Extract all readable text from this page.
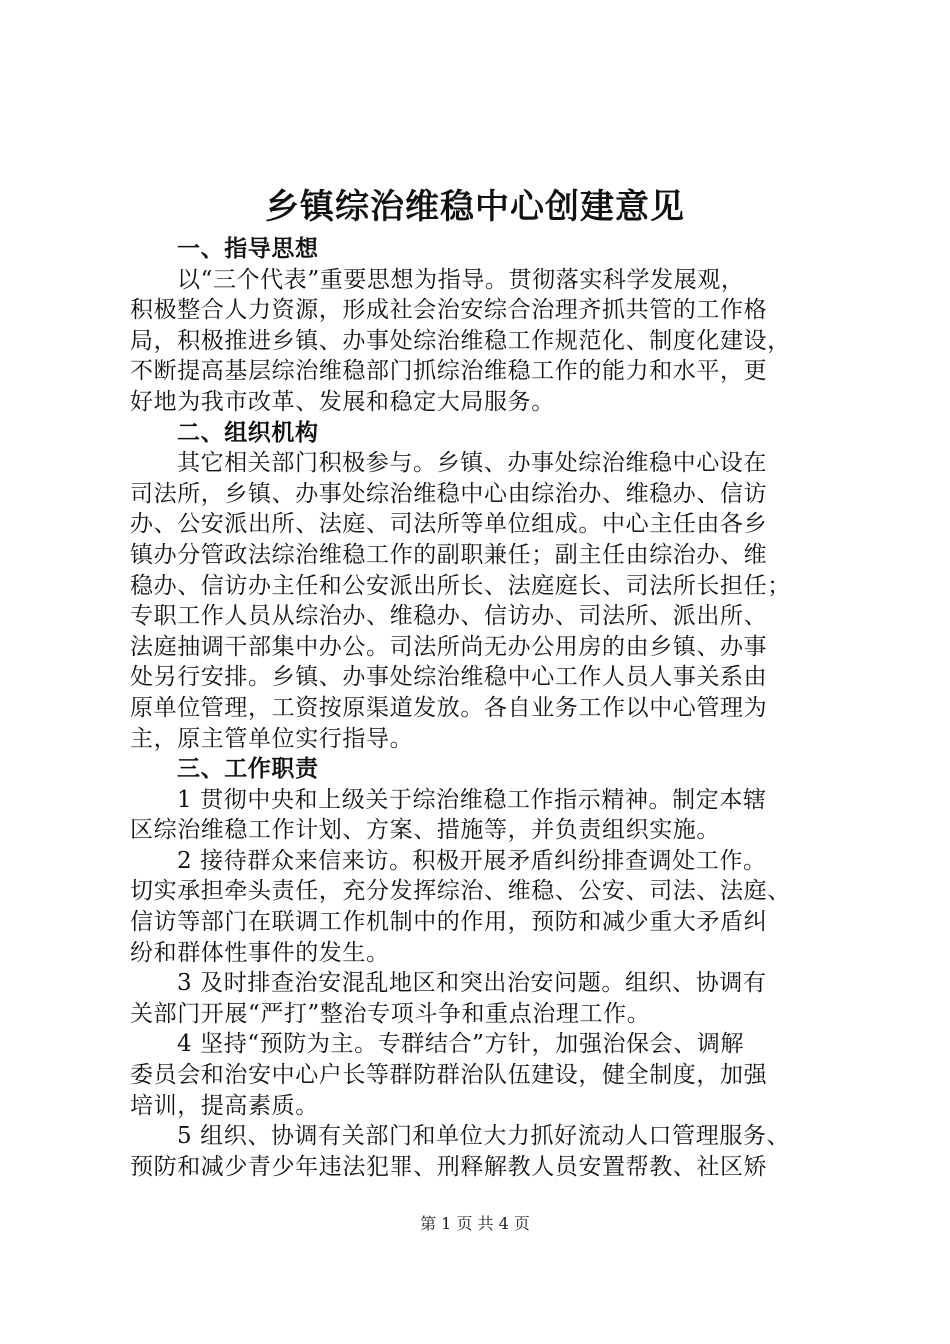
乡镇综治维稳中心创建意见
一、指导思想
以“三个代表”重要思想为指导。贯彻落实科学发展观，
积极整合人力资源，形成社会治安综合治理齐抓共管的工作格
局，积极推进乡镇、办事处综治维稳工作规范化、制度化建设，
不断提高基层综治维稳部门抓综治维稳工作的能力和水平，更
好地为我市改革、发展和稳定大局服务。
二、组织机构
其它相关部门积极参与。乡镇、办事处综治维稳中心设在
司法所，乡镇、办事处综治维稳中心由综治办、维稳办、信访
办、公安派出所、法庭、司法所等单位组成。中心主任由各乡
镇办分管政法综治维稳工作的副职兼任；副主任由综治办、维
稳办、信访办主任和公安派出所长、法庭庭长、司法所长担任；
专职工作人员从综治办、维稳办、信访办、司法所、派出所、
法庭抽调干部集中办公。司法所尚无办公用房的由乡镇、办事
处另行安排。乡镇、办事处综治维稳中心工作人员人事关系由
原单位管理，工资按原渠道发放。各自业务工作以中心管理为
主，原主管单位实行指导。
三、工作职责
1 贯彻中央和上级关于综治维稳工作指示精神。制定本辖
区综治维稳工作计划、方案、措施等，并负责组织实施。
2 接待群众来信来访。积极开展矛盾纠纷排查调处工作。
切实承担牵头责任，充分发挥综治、维稳、公安、司法、法庭、
信访等部门在联调工作机制中的作用，预防和减少重大矛盾纠
纷和群体性事件的发生。
3 及时排查治安混乱地区和突出治安问题。组织、协调有
关部门开展“严打”整治专项斗争和重点治理工作。
4 坚持“预防为主。专群结合”方针，加强治保会、调解
委员会和治安中心户长等群防群治队伍建设，健全制度，加强
培训，提高素质。
5 组织、协调有关部门和单位大力抓好流动人口管理服务、
预防和减少青少年违法犯罪、刑释解教人员安置帮教、社区矫
第 1 页 共 4 页
